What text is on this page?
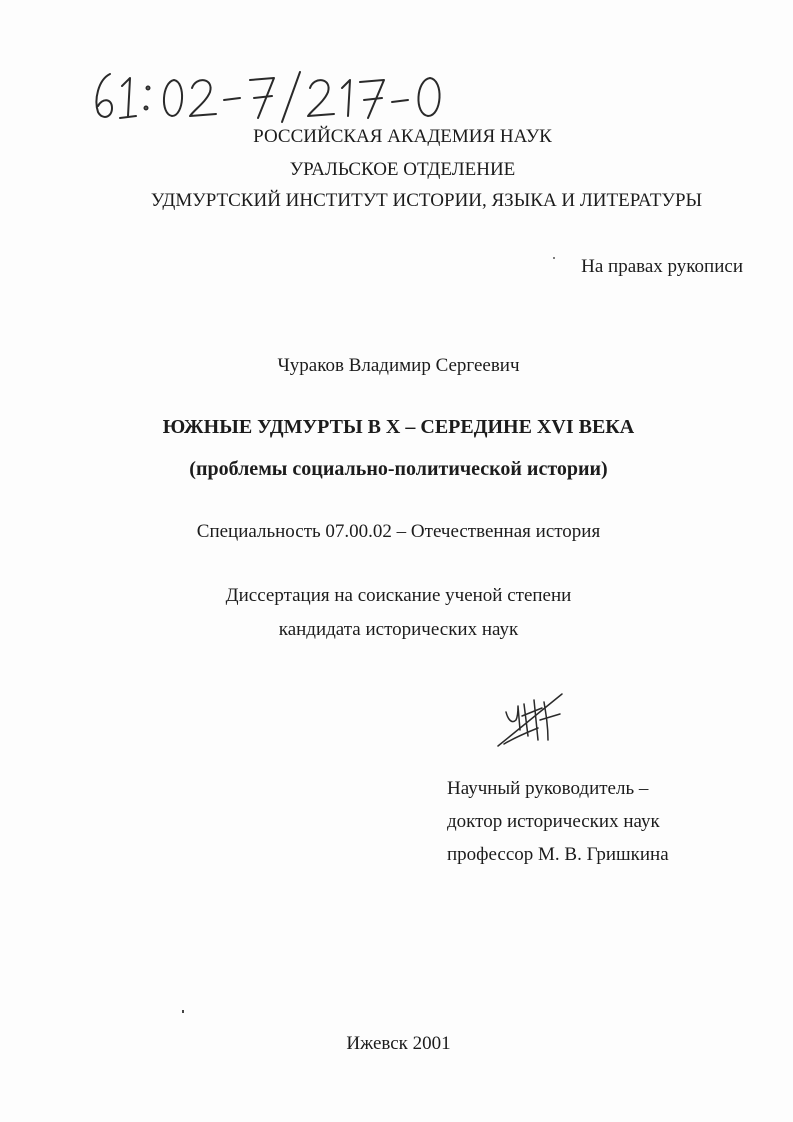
РОССИЙСКАЯ АКАДЕМИЯ НАУК
УРАЛЬСКОЕ ОТДЕЛЕНИЕ
УДМУРТСКИЙ ИНСТИТУТ ИСТОРИИ, ЯЗЫКА И ЛИТЕРАТУРЫ
На правах рукописи
Чураков Владимир Сергеевич
ЮЖНЫЕ УДМУРТЫ В X – СЕРЕДИНЕ XVI ВЕКА
(проблемы социально-политической истории)
Специальность 07.00.02 – Отечественная история
Диссертация на соискание ученой степени
кандидата исторических наук
Научный руководитель –
доктор исторических наук
профессор М. В. Гришкина
Ижевск 2001
